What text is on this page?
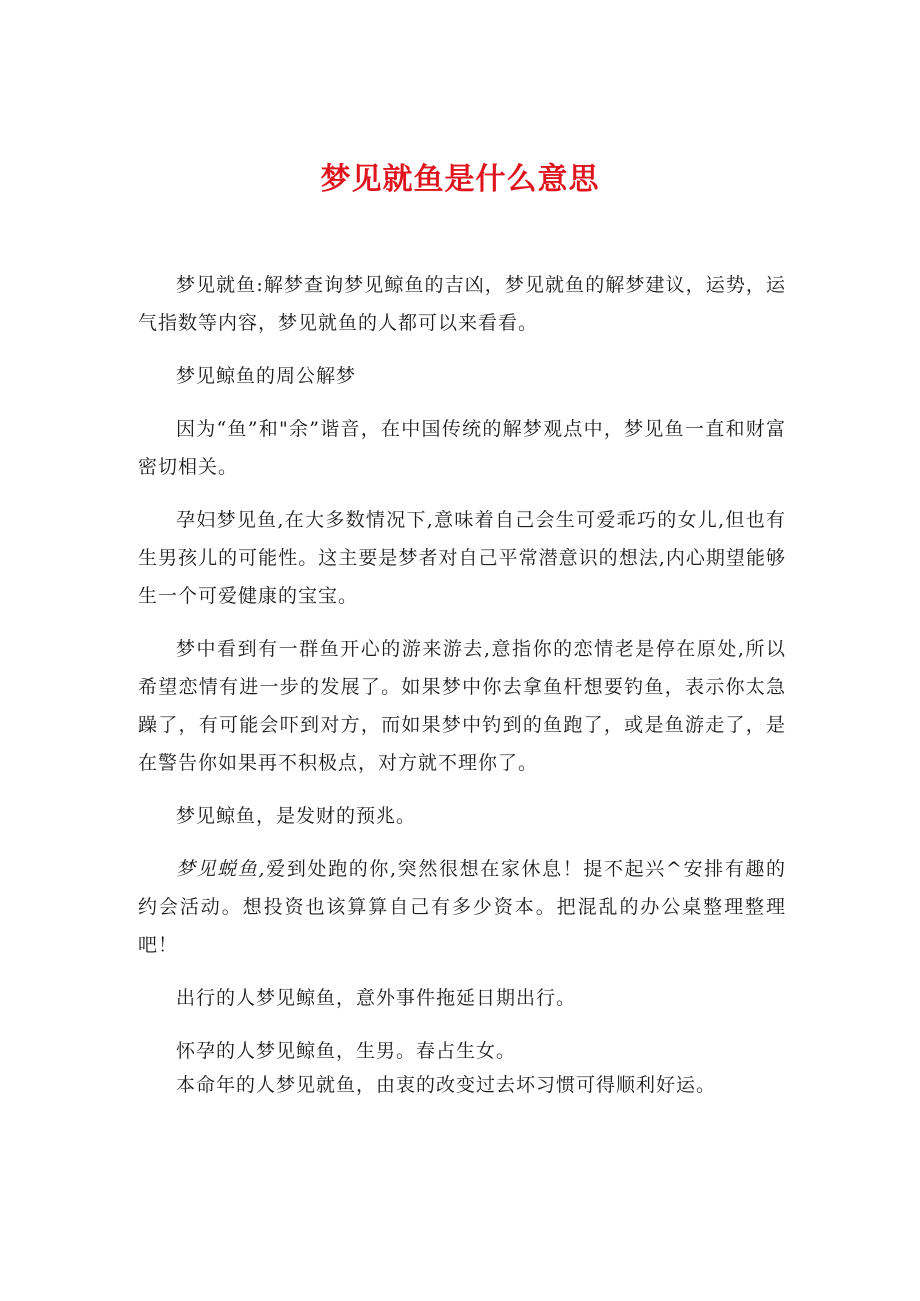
梦见就鱼是什么意思

梦见就鱼:解梦查询梦见鲸鱼的吉凶，梦见就鱼的解梦建议，运势，运气指数等内容，梦见就鱼的人都可以来看看。

梦见鲸鱼的周公解梦

因为“鱼”和"余”谐音，在中国传统的解梦观点中，梦见鱼一直和财富密切相关。

孕妇梦见鱼,在大多数情况下,意味着自己会生可爱乖巧的女儿,但也有生男孩儿的可能性。这主要是梦者对自己平常潜意识的想法,内心期望能够生一个可爱健康的宝宝。

梦中看到有一群鱼开心的游来游去,意指你的恋情老是停在原处,所以希望恋情有进一步的发展了。如果梦中你去拿鱼杆想要钓鱼，表示你太急躁了，有可能会吓到对方，而如果梦中钓到的鱼跑了，或是鱼游走了，是在警告你如果再不积极点，对方就不理你了。

梦见鲸鱼，是发财的预兆。

梦见蜕鱼,爱到处跑的你,突然很想在家休息！提不起兴^安排有趣的约会活动。想投资也该算算自己有多少资本。把混乱的办公桌整理整理吧！

出行的人梦见鲸鱼，意外事件拖延日期出行。

怀孕的人梦见鲸鱼，生男。春占生女。

本命年的人梦见就鱼，由衷的改变过去坏习惯可得顺利好运。
